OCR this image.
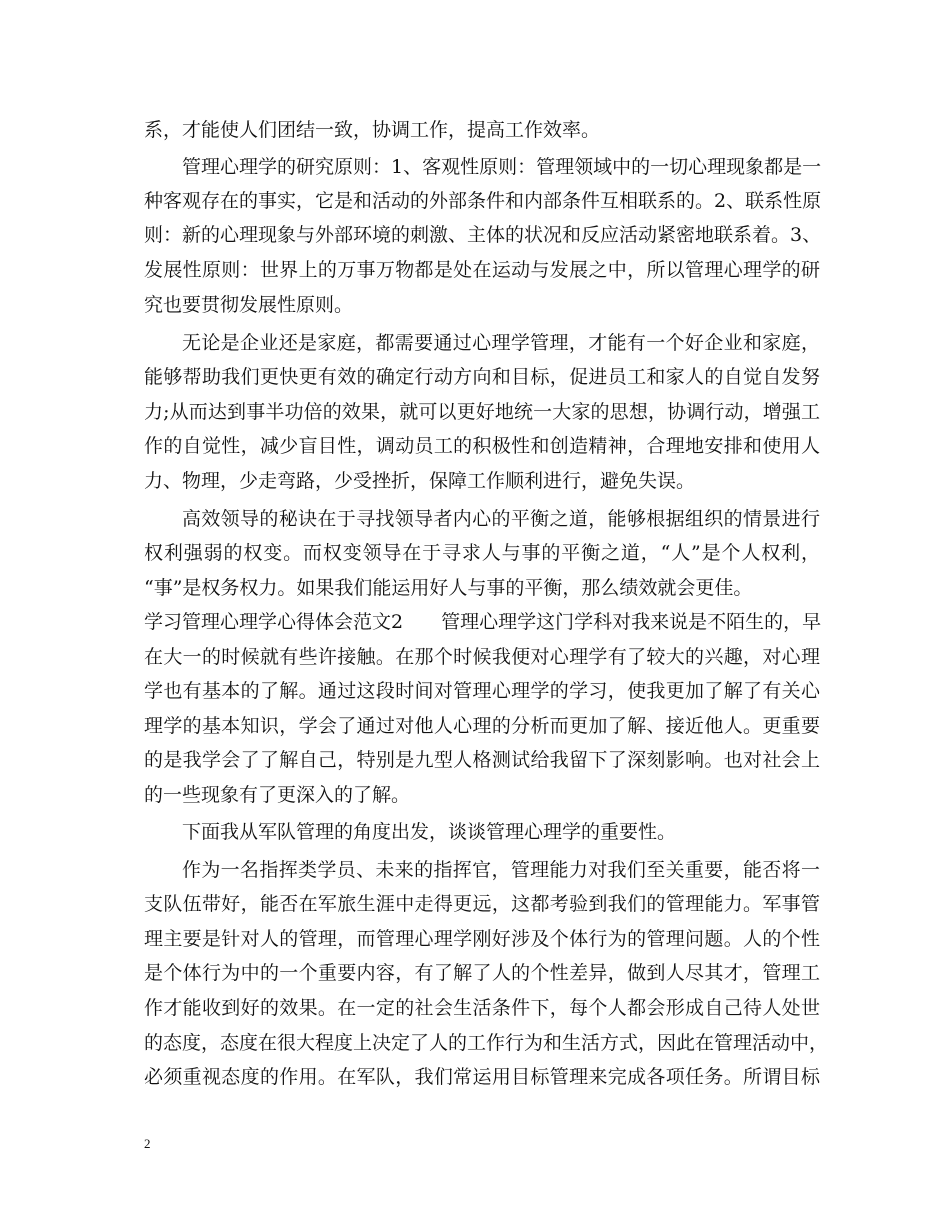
系，才能使人们团结一致，协调工作，提高工作效率。
管理心理学的研究原则：1、客观性原则：管理领域中的一切心理现象都是一
种客观存在的事实，它是和活动的外部条件和内部条件互相联系的。2、联系性原
则：新的心理现象与外部环境的刺激、主体的状况和反应活动紧密地联系着。3、
发展性原则：世界上的万事万物都是处在运动与发展之中，所以管理心理学的研
究也要贯彻发展性原则。
无论是企业还是家庭，都需要通过心理学管理，才能有一个好企业和家庭，
能够帮助我们更快更有效的确定行动方向和目标，促进员工和家人的自觉自发努
力;从而达到事半功倍的效果，就可以更好地统一大家的思想，协调行动，增强工
作的自觉性，减少盲目性，调动员工的积极性和创造精神，合理地安排和使用人
力、物理，少走弯路，少受挫折，保障工作顺利进行，避免失误。
高效领导的秘诀在于寻找领导者内心的平衡之道，能够根据组织的情景进行
权利强弱的权变。而权变领导在于寻求人与事的平衡之道，“人”是个人权利，
“事”是权务权力。如果我们能运用好人与事的平衡，那么绩效就会更佳。
学习管理心理学心得体会范文2　　管理心理学这门学科对我来说是不陌生的，早
在大一的时候就有些许接触。在那个时候我便对心理学有了较大的兴趣，对心理
学也有基本的了解。通过这段时间对管理心理学的学习，使我更加了解了有关心
理学的基本知识，学会了通过对他人心理的分析而更加了解、接近他人。更重要
的是我学会了了解自己，特别是九型人格测试给我留下了深刻影响。也对社会上
的一些现象有了更深入的了解。
下面我从军队管理的角度出发，谈谈管理心理学的重要性。
作为一名指挥类学员、未来的指挥官，管理能力对我们至关重要，能否将一
支队伍带好，能否在军旅生涯中走得更远，这都考验到我们的管理能力。军事管
理主要是针对人的管理，而管理心理学刚好涉及个体行为的管理问题。人的个性
是个体行为中的一个重要内容，有了解了人的个性差异，做到人尽其才，管理工
作才能收到好的效果。在一定的社会生活条件下，每个人都会形成自己待人处世
的态度，态度在很大程度上决定了人的工作行为和生活方式，因此在管理活动中，
必须重视态度的作用。在军队，我们常运用目标管理来完成各项任务。所谓目标
2
